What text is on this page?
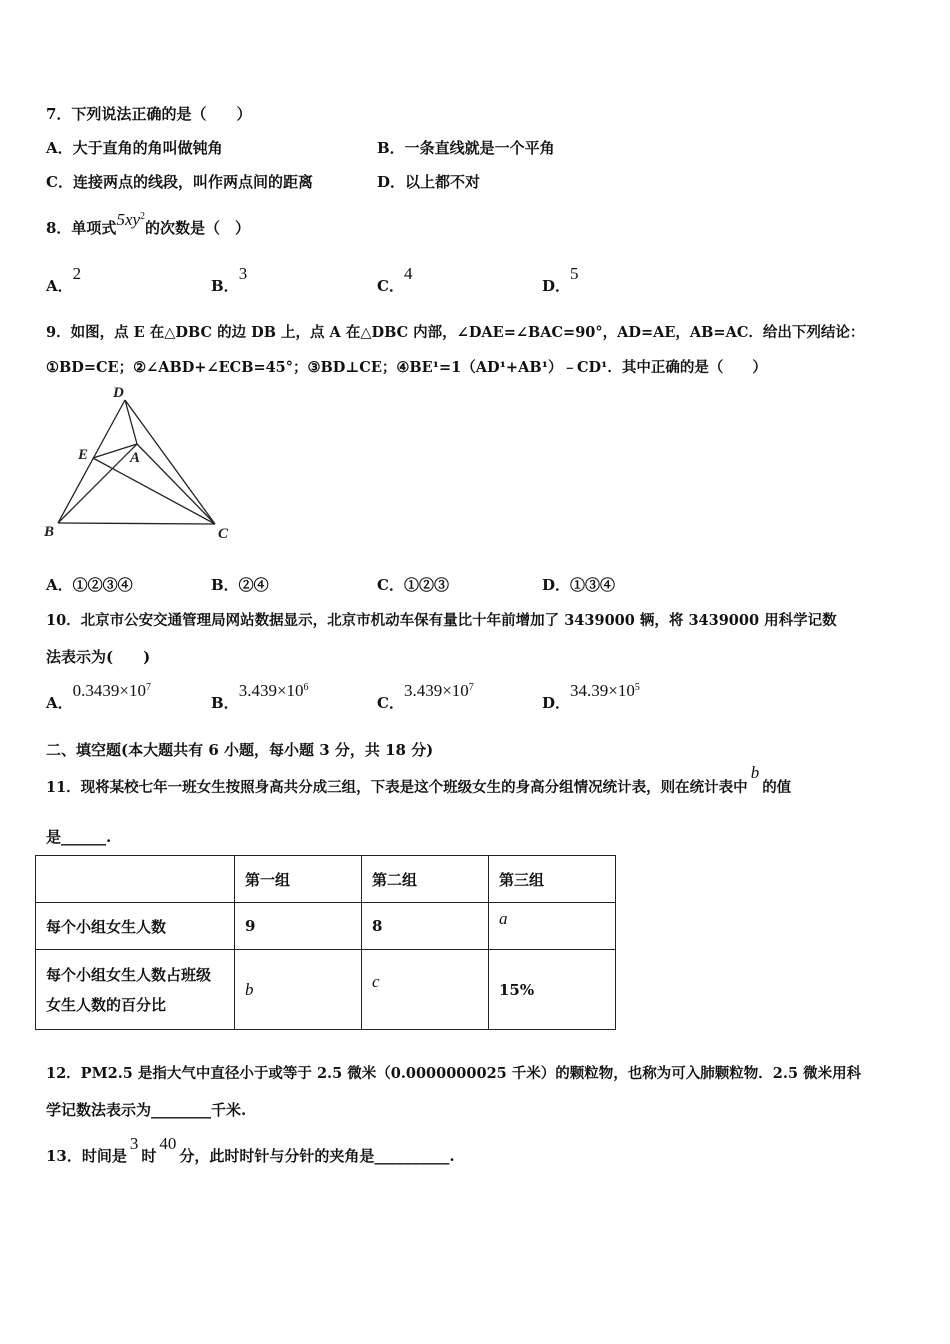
7．下列说法正确的是（　　）
A．大于直角的角叫做钝角	B．一条直线就是一个平角
C．连接两点的线段，叫作两点间的距离	D．以上都不对
8．单项式$5xy^2$的次数是（　）
A．2
B．3
C．4
D．5
9．如图，点 E 在△DBC 的边 DB 上，点 A 在△DBC 内部，∠DAE=∠BAC=90°，AD=AE，AB=AC．给出下列结论：
①BD=CE；②∠ABD+∠ECB=45°；③BD⊥CE；④BE¹=1（AD¹+AB¹）﹣CD¹．其中正确的是（　　）
D
E	A
B	C
A．①②③④	B．②④	C．①②③	D．①③④
10．北京市公安交通管理局网站数据显示，北京市机动车保有量比十年前增加了 3439000 辆，将 3439000 用科学记数
法表示为(　　)
A．$0.3439\times 10^7$
B．$3.439\times 10^6$
C．$3.439\times 10^7$
D．$34.39\times 10^5$
二、填空题(本大题共有 6 小题，每小题 3 分，共 18 分)
11．现将某校七年一班女生按照身高共分成三组，下表是这个班级女生的身高分组情况统计表，则在统计表中b的值
是______.
	第一组	第二组	第三组
每个小组女生人数	9	8	a
每个小组女生人数占班级女生人数的百分比	b	c	15%
12．PM2.5 是指大气中直径小于或等于 2.5 微米（0.0000000025 千米）的颗粒物，也称为可入肺颗粒物．2.5 微米用科
学记数法表示为________千米.
13．时间是3时40分，此时时针与分针的夹角是__________.
